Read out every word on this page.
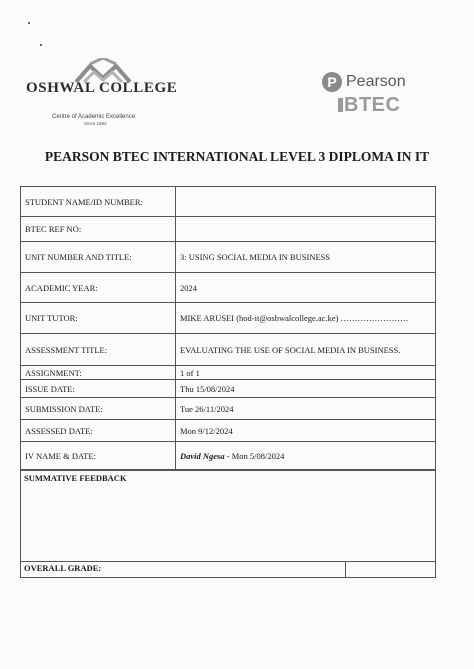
OSHWAL COLLEGE
Centre of Academic Excellence
Since 1992
P Pearson
BTEC
PEARSON BTEC INTERNATIONAL LEVEL 3 DIPLOMA IN IT
STUDENT NAME/ID NUMBER:	
BTEC REF NO:	
UNIT NUMBER AND TITLE:	3: USING SOCIAL MEDIA IN BUSINESS
ACADEMIC YEAR:	2024
UNIT TUTOR:	MIKE ARUSEI (hod-it@oshwalcollege.ac.ke) ……………………
ASSESSMENT TITLE:	EVALUATING THE USE OF SOCIAL MEDIA IN BUSINESS.
ASSIGNMENT:	1 of 1
ISSUE DATE:	Thu 15/08/2024
SUBMISSION DATE:	Tue 26/11/2024
ASSESSED DATE:	Mon 9/12/2024
IV NAME & DATE:	David Ngesa - Mon 5/08/2024
SUMMATIVE FEEDBACK
OVERALL GRADE:
